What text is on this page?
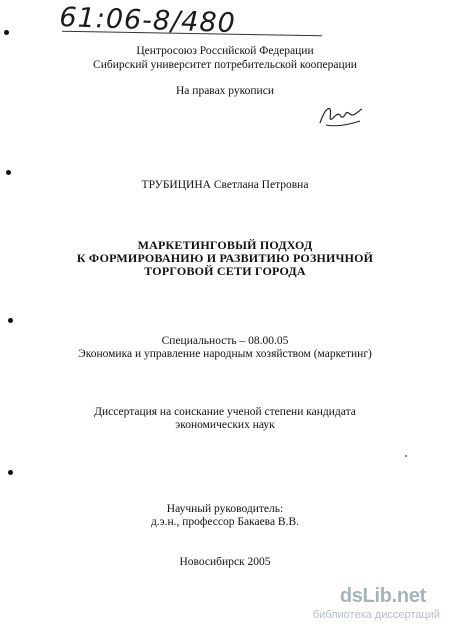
61:06-8/480
Центросоюз Российской Федерации
Сибирский университет потребительской кооперации
На правах рукописи
ТРУБИЦИНА Светлана Петровна
МАРКЕТИНГОВЫЙ ПОДХОД
К ФОРМИРОВАНИЮ И РАЗВИТИЮ РОЗНИЧНОЙ
ТОРГОВОЙ СЕТИ ГОРОДА
Специальность – 08.00.05
Экономика и управление народным хозяйством (маркетинг)
Диссертация на соискание ученой степени кандидата
экономических наук
Научный руководитель:
д.э.н., профессор Бакаева В.В.
Новосибирск 2005
dsLib.net
библиотека диссертаций
